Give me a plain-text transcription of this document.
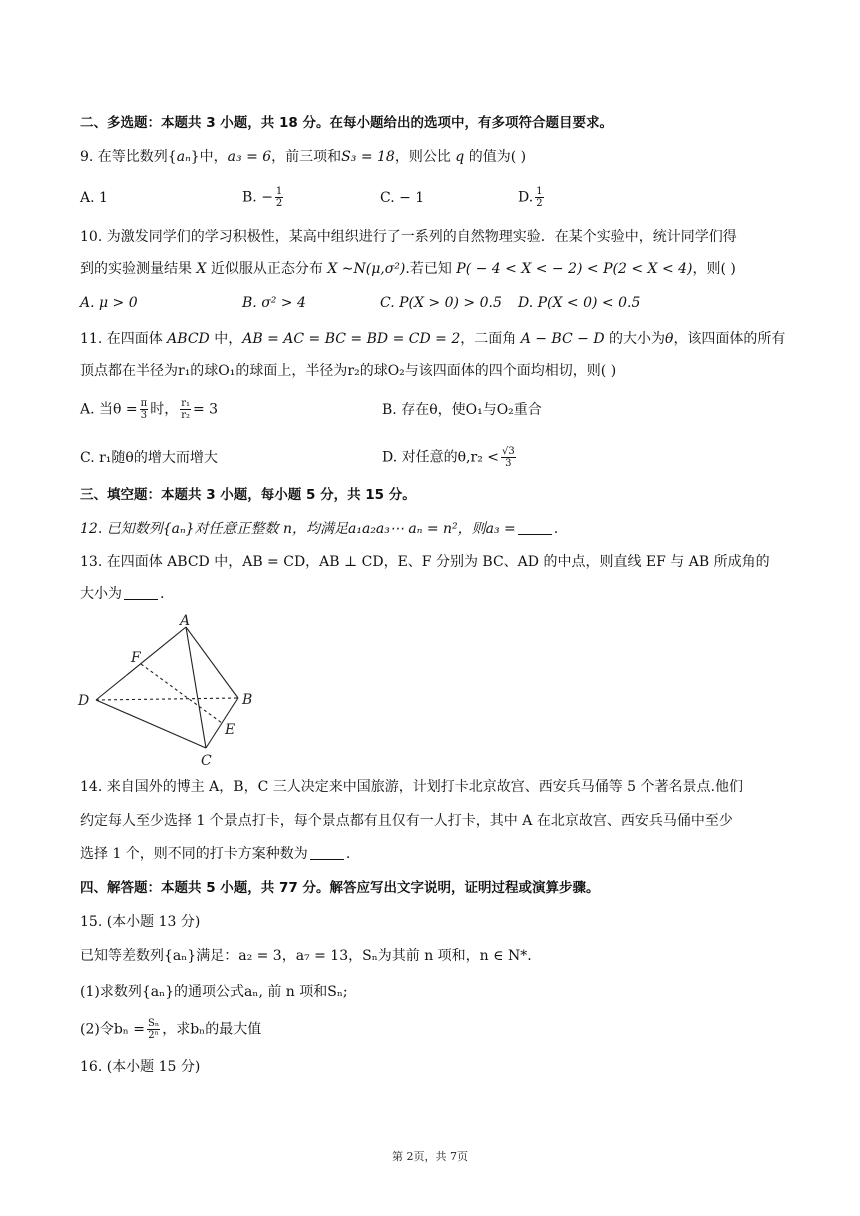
二、多选题：本题共 3 小题，共 18 分。在每小题给出的选项中，有多项符合题目要求。
9. 在等比数列{aₙ}中，a₃ = 6，前三项和S₃ = 18，则公比 q 的值为( )
A. 1	B. − $\frac{1}{2}$	C. − 1	D. $\frac{1}{2}$
10. 为激发同学们的学习积极性，某高中组织进行了一系列的自然物理实验．在某个实验中，统计同学们得
到的实验测量结果 X 近似服从正态分布 X ∼N(μ,σ²).若已知 P( − 4 < X < − 2) < P(2 < X < 4)，则( )
A. μ > 0	B. σ² > 4	C. P(X > 0) > 0.5 D. P(X < 0) < 0.5
11. 在四面体 ABCD 中，AB = AC = BC = BD = CD = 2，二面角 A − BC − D 的大小为θ，该四面体的所有
顶点都在半径为r₁的球O₁的球面上，半径为r₂的球O₂与该四面体的四个面均相切，则( )
A. 当$\theta = \frac{\pi}{3}$ 时， $\frac{\text{r₁}}{\text{r₂}} = 3$	B. 存在θ，使O₁与O₂重合
C. r₁随θ的增大而增大	D. 对任意的$\theta,r_2 < \frac{√3}{3}$
三、填空题：本题共 3 小题，每小题 5 分，共 15 分。
12. 已知数列{aₙ}对任意正整数 n，均满足a₁a₂a₃⋯ aₙ = n²，则a₃ =	.
13. 在四面体 ABCD 中，AB = CD，AB ⊥ CD，E、F 分别为 BC、AD 的中点，则直线 EF 与 AB 所成角的
大小为	.
A
B
C
D
E
F
14. 来自国外的博主 A，B，C 三人决定来中国旅游，计划打卡北京故宫、西安兵马俑等 5 个著名景点.他们
约定每人至少选择 1 个景点打卡，每个景点都有且仅有一人打卡，其中 A 在北京故宫、西安兵马俑中至少
选择 1 个，则不同的打卡方案种数为	.
四、解答题：本题共 5 小题，共 77 分。解答应写出文字说明，证明过程或演算步骤。
15. (本小题 13 分)
已知等差数列{aₙ}满足：a₂ = 3，a₇ = 13，Sₙ为其前 n 项和，n ∈ N*.
(1)求数列{aₙ}的通项公式aₙ, 前 n 项和Sₙ;
(2)令$b_n = \frac{\text{Sₙ}}{\text{2ⁿ}}$ ，求bₙ的最大值
16. (本小题 15 分)
第 2页，共 7页
